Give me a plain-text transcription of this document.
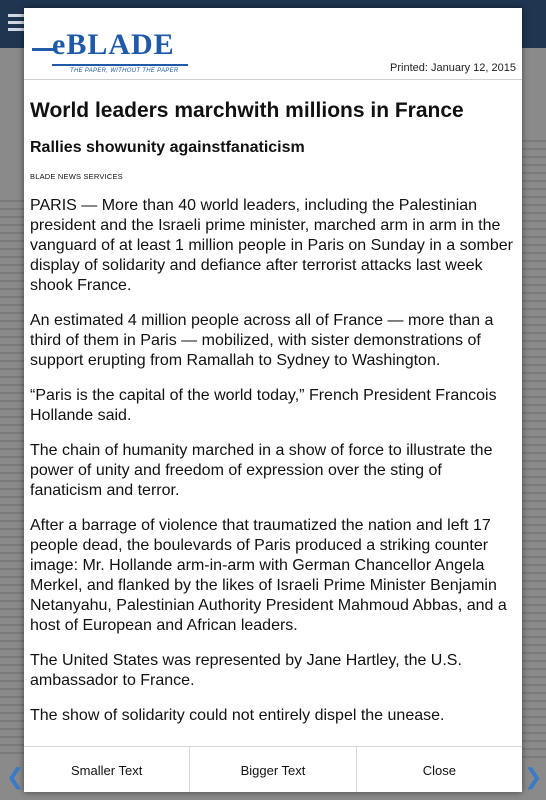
❮	❯
eBLADE
THE PAPER, WITHOUT THE PAPER	Printed: January 12, 2015
World leaders marchwith millions in France
Rallies showunity againstfanaticism
BLADE NEWS SERVICES

PARIS — More than 40 world leaders, including the Palestinian president and the Israeli prime minister, marched arm in arm in the vanguard of at least 1 million people in Paris on Sunday in a somber display of solidarity and defiance after terrorist attacks last week shook France.

An estimated 4 million people across all of France — more than a third of them in Paris — mobilized, with sister demonstrations of support erupting from Ramallah to Sydney to Washington.

“Paris is the capital of the world today,” French President Francois Hollande said.

The chain of humanity marched in a show of force to illustrate the power of unity and freedom of expression over the sting of fanaticism and terror.

After a barrage of violence that traumatized the nation and left 17 people dead, the boulevards of Paris produced a striking counter image: Mr. Hollande arm-in-arm with German Chancellor Angela Merkel, and flanked by the likes of Israeli Prime Minister Benjamin Netanyahu, Palestinian Authority President Mahmoud Abbas, and a host of European and African leaders.

The United States was represented by Jane Hartley, the U.S. ambassador to France.

The show of solidarity could not entirely dispel the unease.

Smaller Text	Bigger Text	Close
